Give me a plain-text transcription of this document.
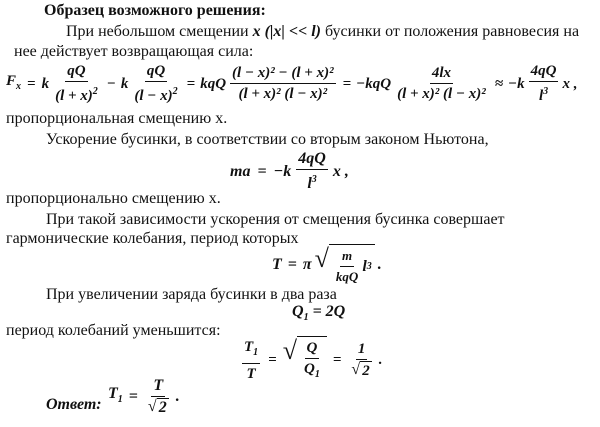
Образец возможного решения:
При небольшом смещении x (|x| << l) бусинки от положения равновесия на
нее действует возвращающая сила:
$F_x = k \frac{qQ}{(l + x)^2} - k \frac{qQ}{(l - x)^2}$ = kqQ $\frac{\text{(l − x)² − (l + x)²}}{\text{(l + x)² (l − x)²}} = -kqQ \frac{4lx}{\text{(l + x)² (l − x)²}} \approx -k \frac{4qQ}{l^3}$ x ,
пропорциональная смещению x.
Ускорение бусинки, в соответствии со вторым законом Ньютона,
ma = $-k \frac{4qQ}{l^3}$ x ,
пропорционально смещению x.
При такой зависимости ускорения от смещения бусинка совершает
гармонические колебания, период которых
T = π √ $\frac{m}{\text{kqQ}}$ l 3 .
При увеличении заряда бусинки в два раза
$Q_1 = 2Q$
период колебаний уменьшится:
$\frac{T_1}{T}$ = √ $\frac{Q}{Q_1} = \frac{1}{√ 2}$ .
Ответ:
$T_1 = \frac{T}{√ 2}$ .
